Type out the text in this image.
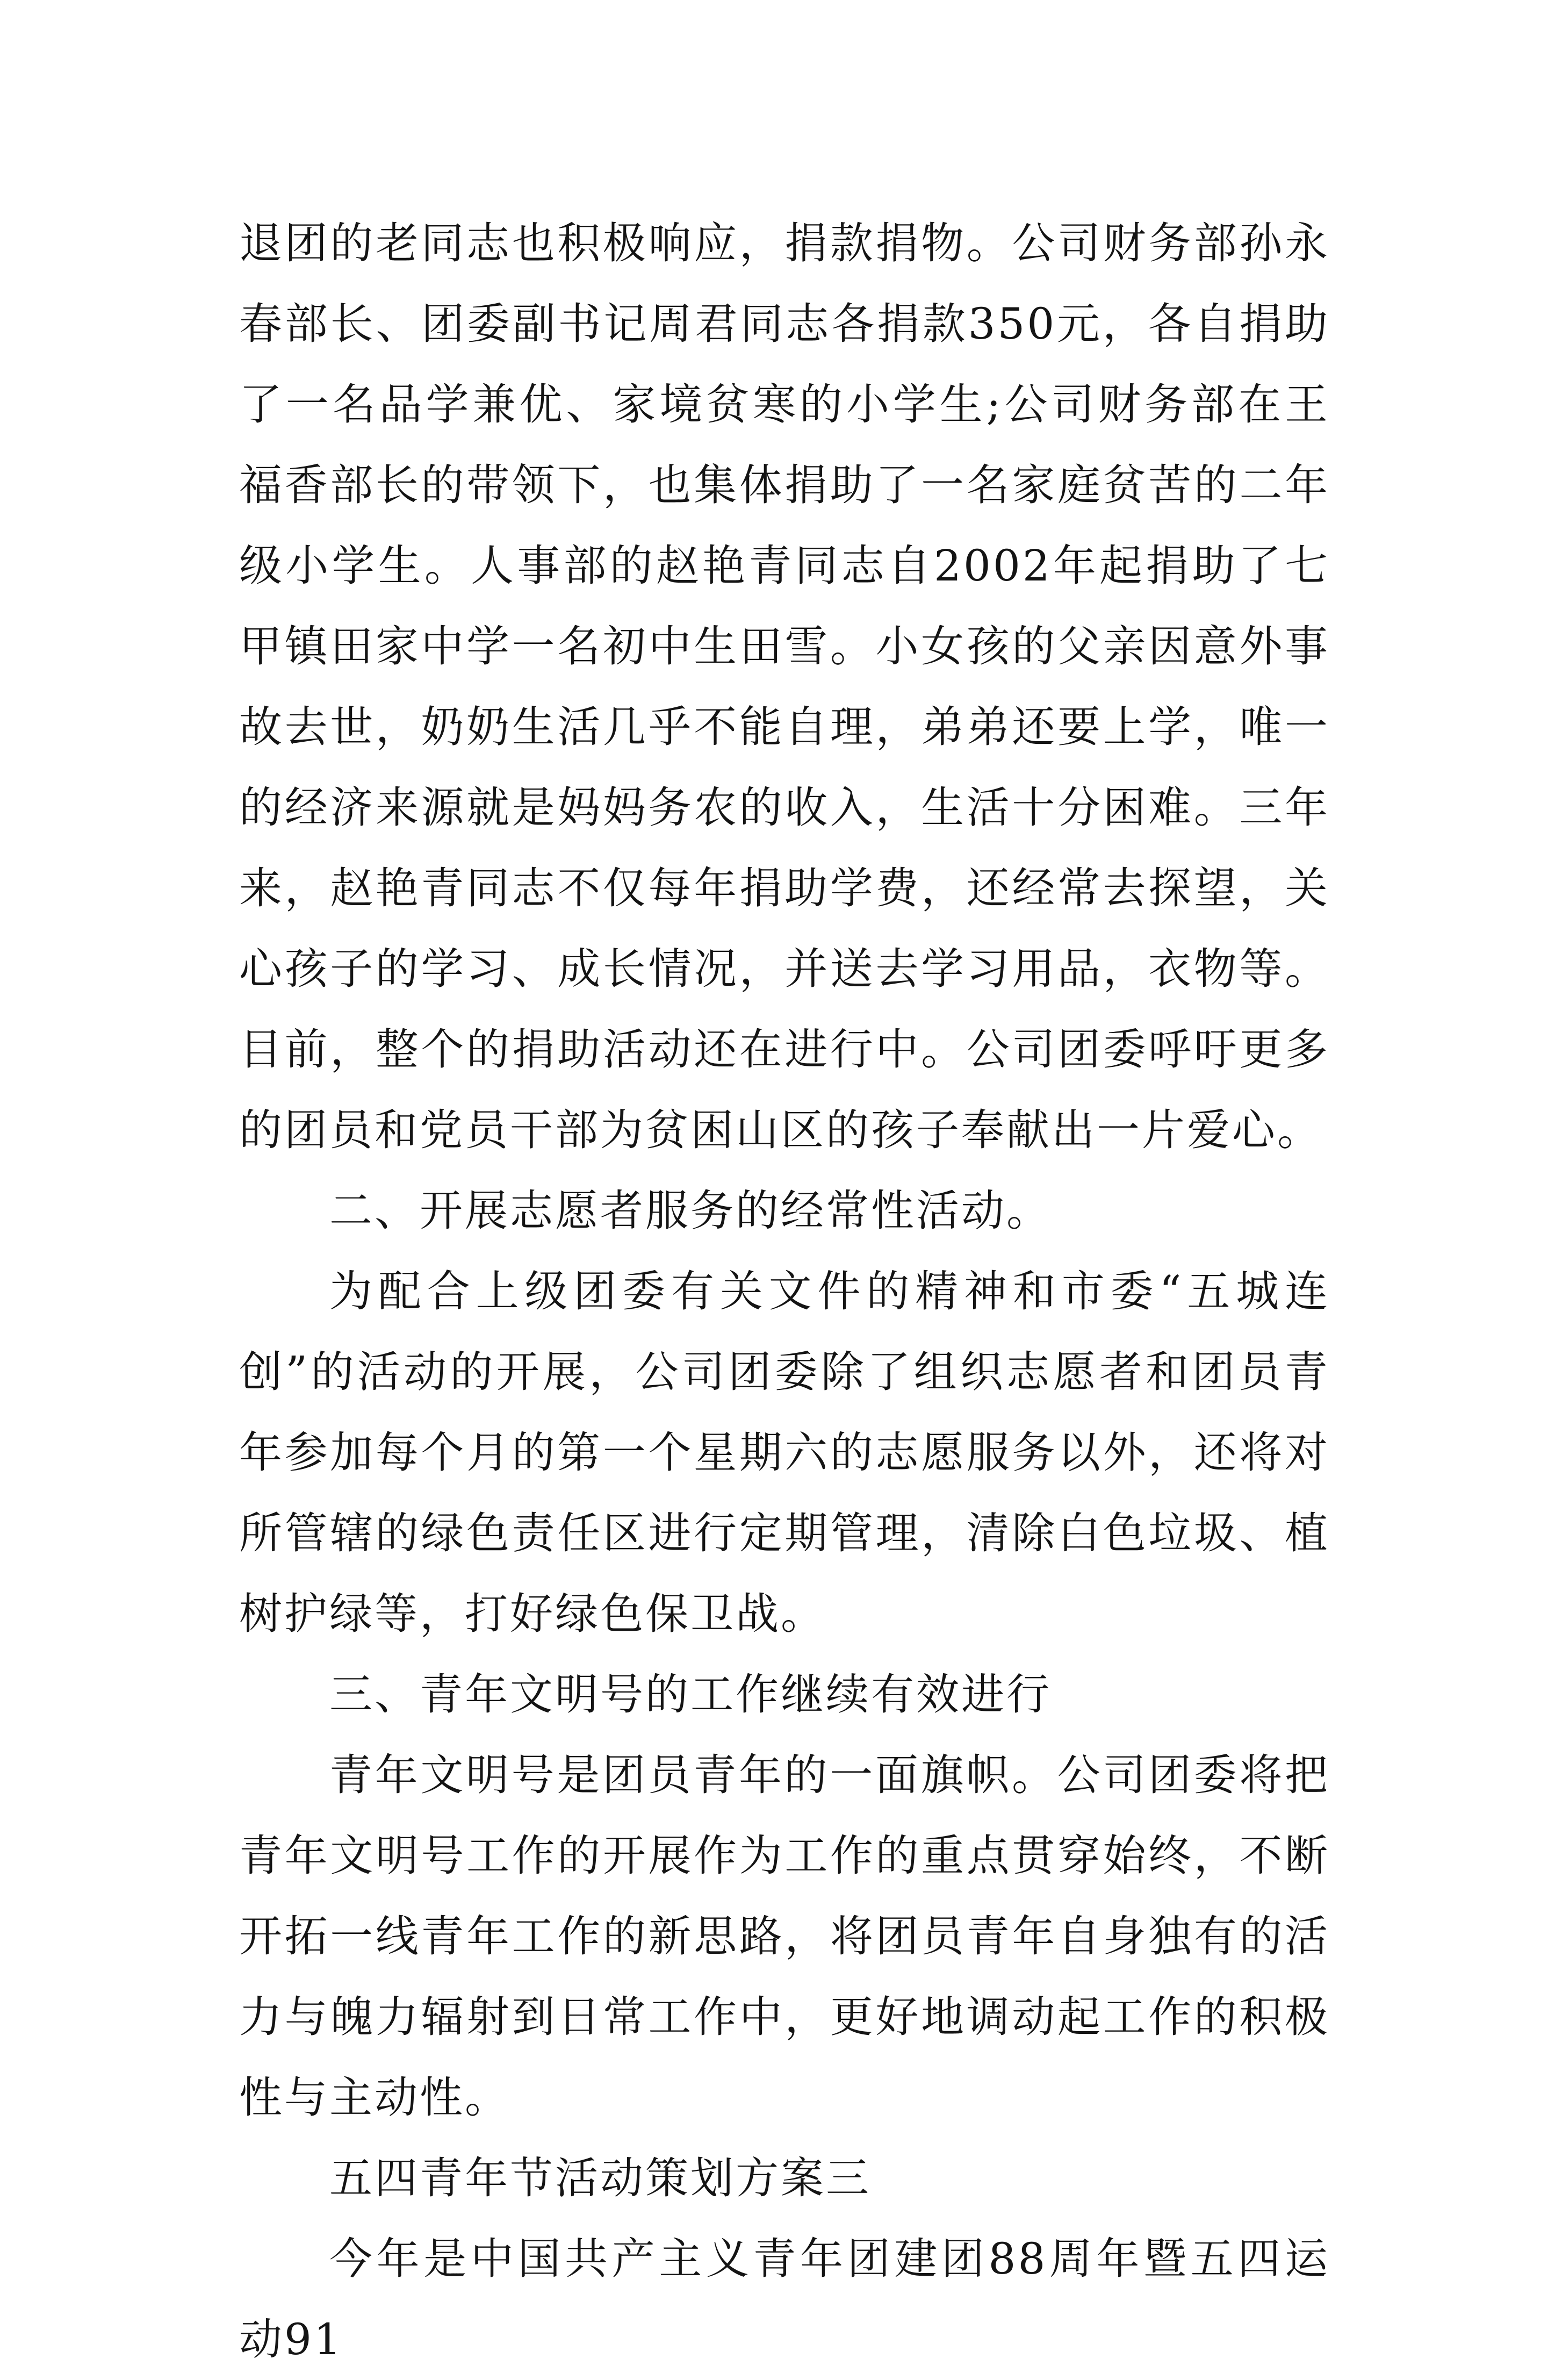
退团的老同志也积极响应，捐款捐物。公司财务部孙永春部长、团委副书记周君同志各捐款350元，各自捐助了一名品学兼优、家境贫寒的小学生;公司财务部在王福香部长的带领下，也集体捐助了一名家庭贫苦的二年级小学生。人事部的赵艳青同志自2002年起捐助了七甲镇田家中学一名初中生田雪。小女孩的父亲因意外事故去世，奶奶生活几乎不能自理，弟弟还要上学，唯一的经济来源就是妈妈务农的收入，生活十分困难。三年来，赵艳青同志不仅每年捐助学费，还经常去探望，关心孩子的学习、成长情况，并送去学习用品，衣物等。目前，整个的捐助活动还在进行中。公司团委呼吁更多的团员和党员干部为贫困山区的孩子奉献出一片爱心。

二、开展志愿者服务的经常性活动。

为配合上级团委有关文件的精神和市委“五城连创”的活动的开展，公司团委除了组织志愿者和团员青年参加每个月的第一个星期六的志愿服务以外，还将对所管辖的绿色责任区进行定期管理，清除白色垃圾、植树护绿等，打好绿色保卫战。

三、青年文明号的工作继续有效进行

青年文明号是团员青年的一面旗帜。公司团委将把青年文明号工作的开展作为工作的重点贯穿始终，不断开拓一线青年工作的新思路，将团员青年自身独有的活力与魄力辐射到日常工作中，更好地调动起工作的积极性与主动性。

五四青年节活动策划方案三

今年是中国共产主义青年团建团88周年暨五四运动91
